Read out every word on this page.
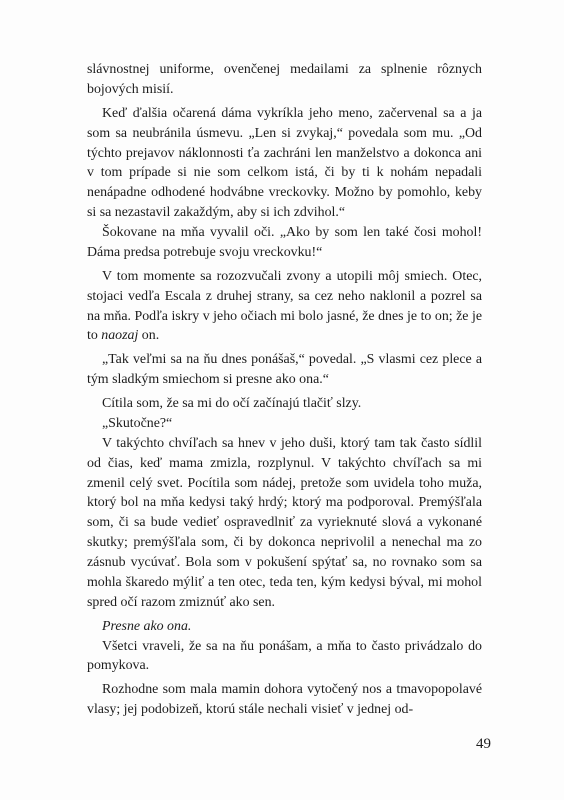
slávnostnej uniforme, ovenčenej medailami za splnenie rôznych bojových misií.

Keď ďalšia očarená dáma vykríkla jeho meno, začervenal sa a ja som sa neubránila úsmevu. „Len si zvykaj,“ povedala som mu. „Od týchto prejavov náklonnosti ťa zachráni len manželstvo a dokonca ani v tom prípade si nie som celkom istá, či by ti k nohám nepadali nenápadne odhodené hodvábne vreckovky. Možno by pomohlo, keby si sa nezastavil zakaždým, aby si ich zdvihol.“

Šokovane na mňa vyvalil oči. „Ako by som len také čosi mohol! Dáma predsa potrebuje svoju vreckovku!“

V tom momente sa rozozvučali zvony a utopili môj smiech. Otec, stojaci vedľa Escala z druhej strany, sa cez neho naklonil a pozrel sa na mňa. Podľa iskry v jeho očiach mi bolo jasné, že dnes je to on; že je to naozaj on.

„Tak veľmi sa na ňu dnes ponášaš,“ povedal. „S vlasmi cez plece a tým sladkým smiechom si presne ako ona.“

Cítila som, že sa mi do očí začínajú tlačiť slzy.

„Skutočne?“

V takýchto chvíľach sa hnev v jeho duši, ktorý tam tak často sídlil od čias, keď mama zmizla, rozplynul. V takýchto chvíľach sa mi zmenil celý svet. Pocítila som nádej, pretože som uvidela toho muža, ktorý bol na mňa kedysi taký hrdý; ktorý ma podporoval. Premýšľala som, či sa bude vedieť ospravedlniť za vyrieknuté slová a vykonané skutky; premýšľala som, či by dokonca neprivolil a nenechal ma zo zásnub vycúvať. Bola som v pokušení spýtať sa, no rovnako som sa mohla škaredo mýliť a ten otec, teda ten, kým kedysi býval, mi mohol spred očí razom zmiznúť ako sen.

Presne ako ona.

Všetci vraveli, že sa na ňu ponášam, a mňa to často privádzalo do pomykova.

Rozhodne som mala mamin dohora vytočený nos a tmavopopolavé vlasy; jej podobizeň, ktorú stále nechali visieť v jednej od-

49
